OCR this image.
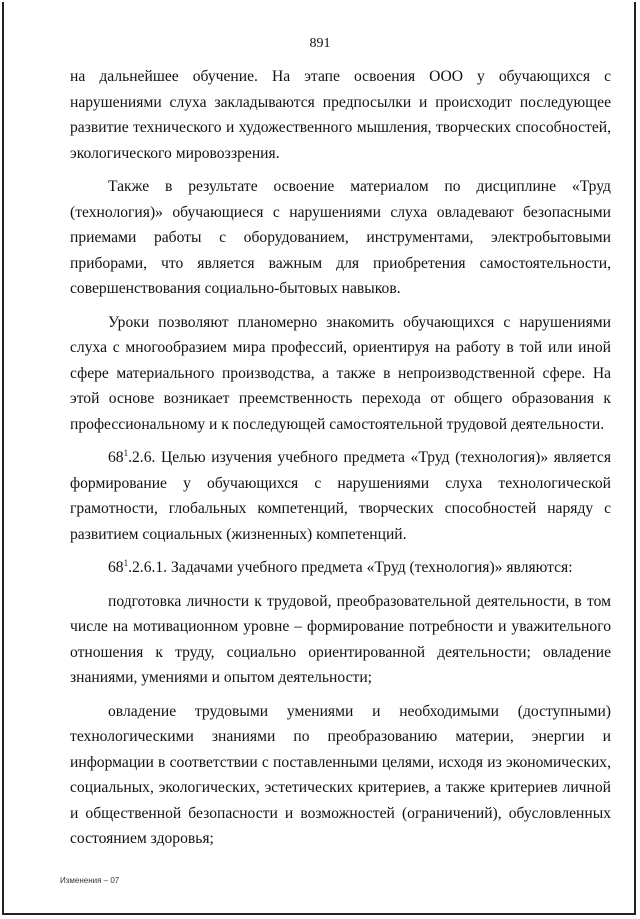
891

на дальнейшее обучение. На этапе освоения ООО у обучающихся с нарушениями слуха закладываются предпосылки и происходит последующее развитие технического и художественного мышления, творческих способностей, экологического мировоззрения.

Также в результате освоение материалом по дисциплине «Труд (технология)» обучающиеся с нарушениями слуха овладевают безопасными приемами работы с оборудованием, инструментами, электробытовыми приборами, что является важным для приобретения самостоятельности, совершенствования социально-бытовых навыков.

Уроки позволяют планомерно знакомить обучающихся с нарушениями слуха с многообразием мира профессий, ориентируя на работу в той или иной сфере материального производства, а также в непроизводственной сфере. На этой основе возникает преемственность перехода от общего образования к профессиональному и к последующей самостоятельной трудовой деятельности.

$68^1.2.6$. Целью изучения учебного предмета «Труд (технология)» является формирование у обучающихся с нарушениями слуха технологической грамотности, глобальных компетенций, творческих способностей наряду с развитием социальных (жизненных) компетенций.

$68^1.2.6.1$. Задачами учебного предмета «Труд (технология)» являются:

подготовка личности к трудовой, преобразовательной деятельности, в том числе на мотивационном уровне – формирование потребности и уважительного отношения к труду, социально ориентированной деятельности; овладение знаниями, умениями и опытом деятельности;

овладение трудовыми умениями и необходимыми (доступными) технологическими знаниями по преобразованию материи, энергии и информации в соответствии с поставленными целями, исходя из экономических, социальных, экологических, эстетических критериев, а также критериев личной и общественной безопасности и возможностей (ограничений), обусловленных состоянием здоровья;

Изменения – 07
